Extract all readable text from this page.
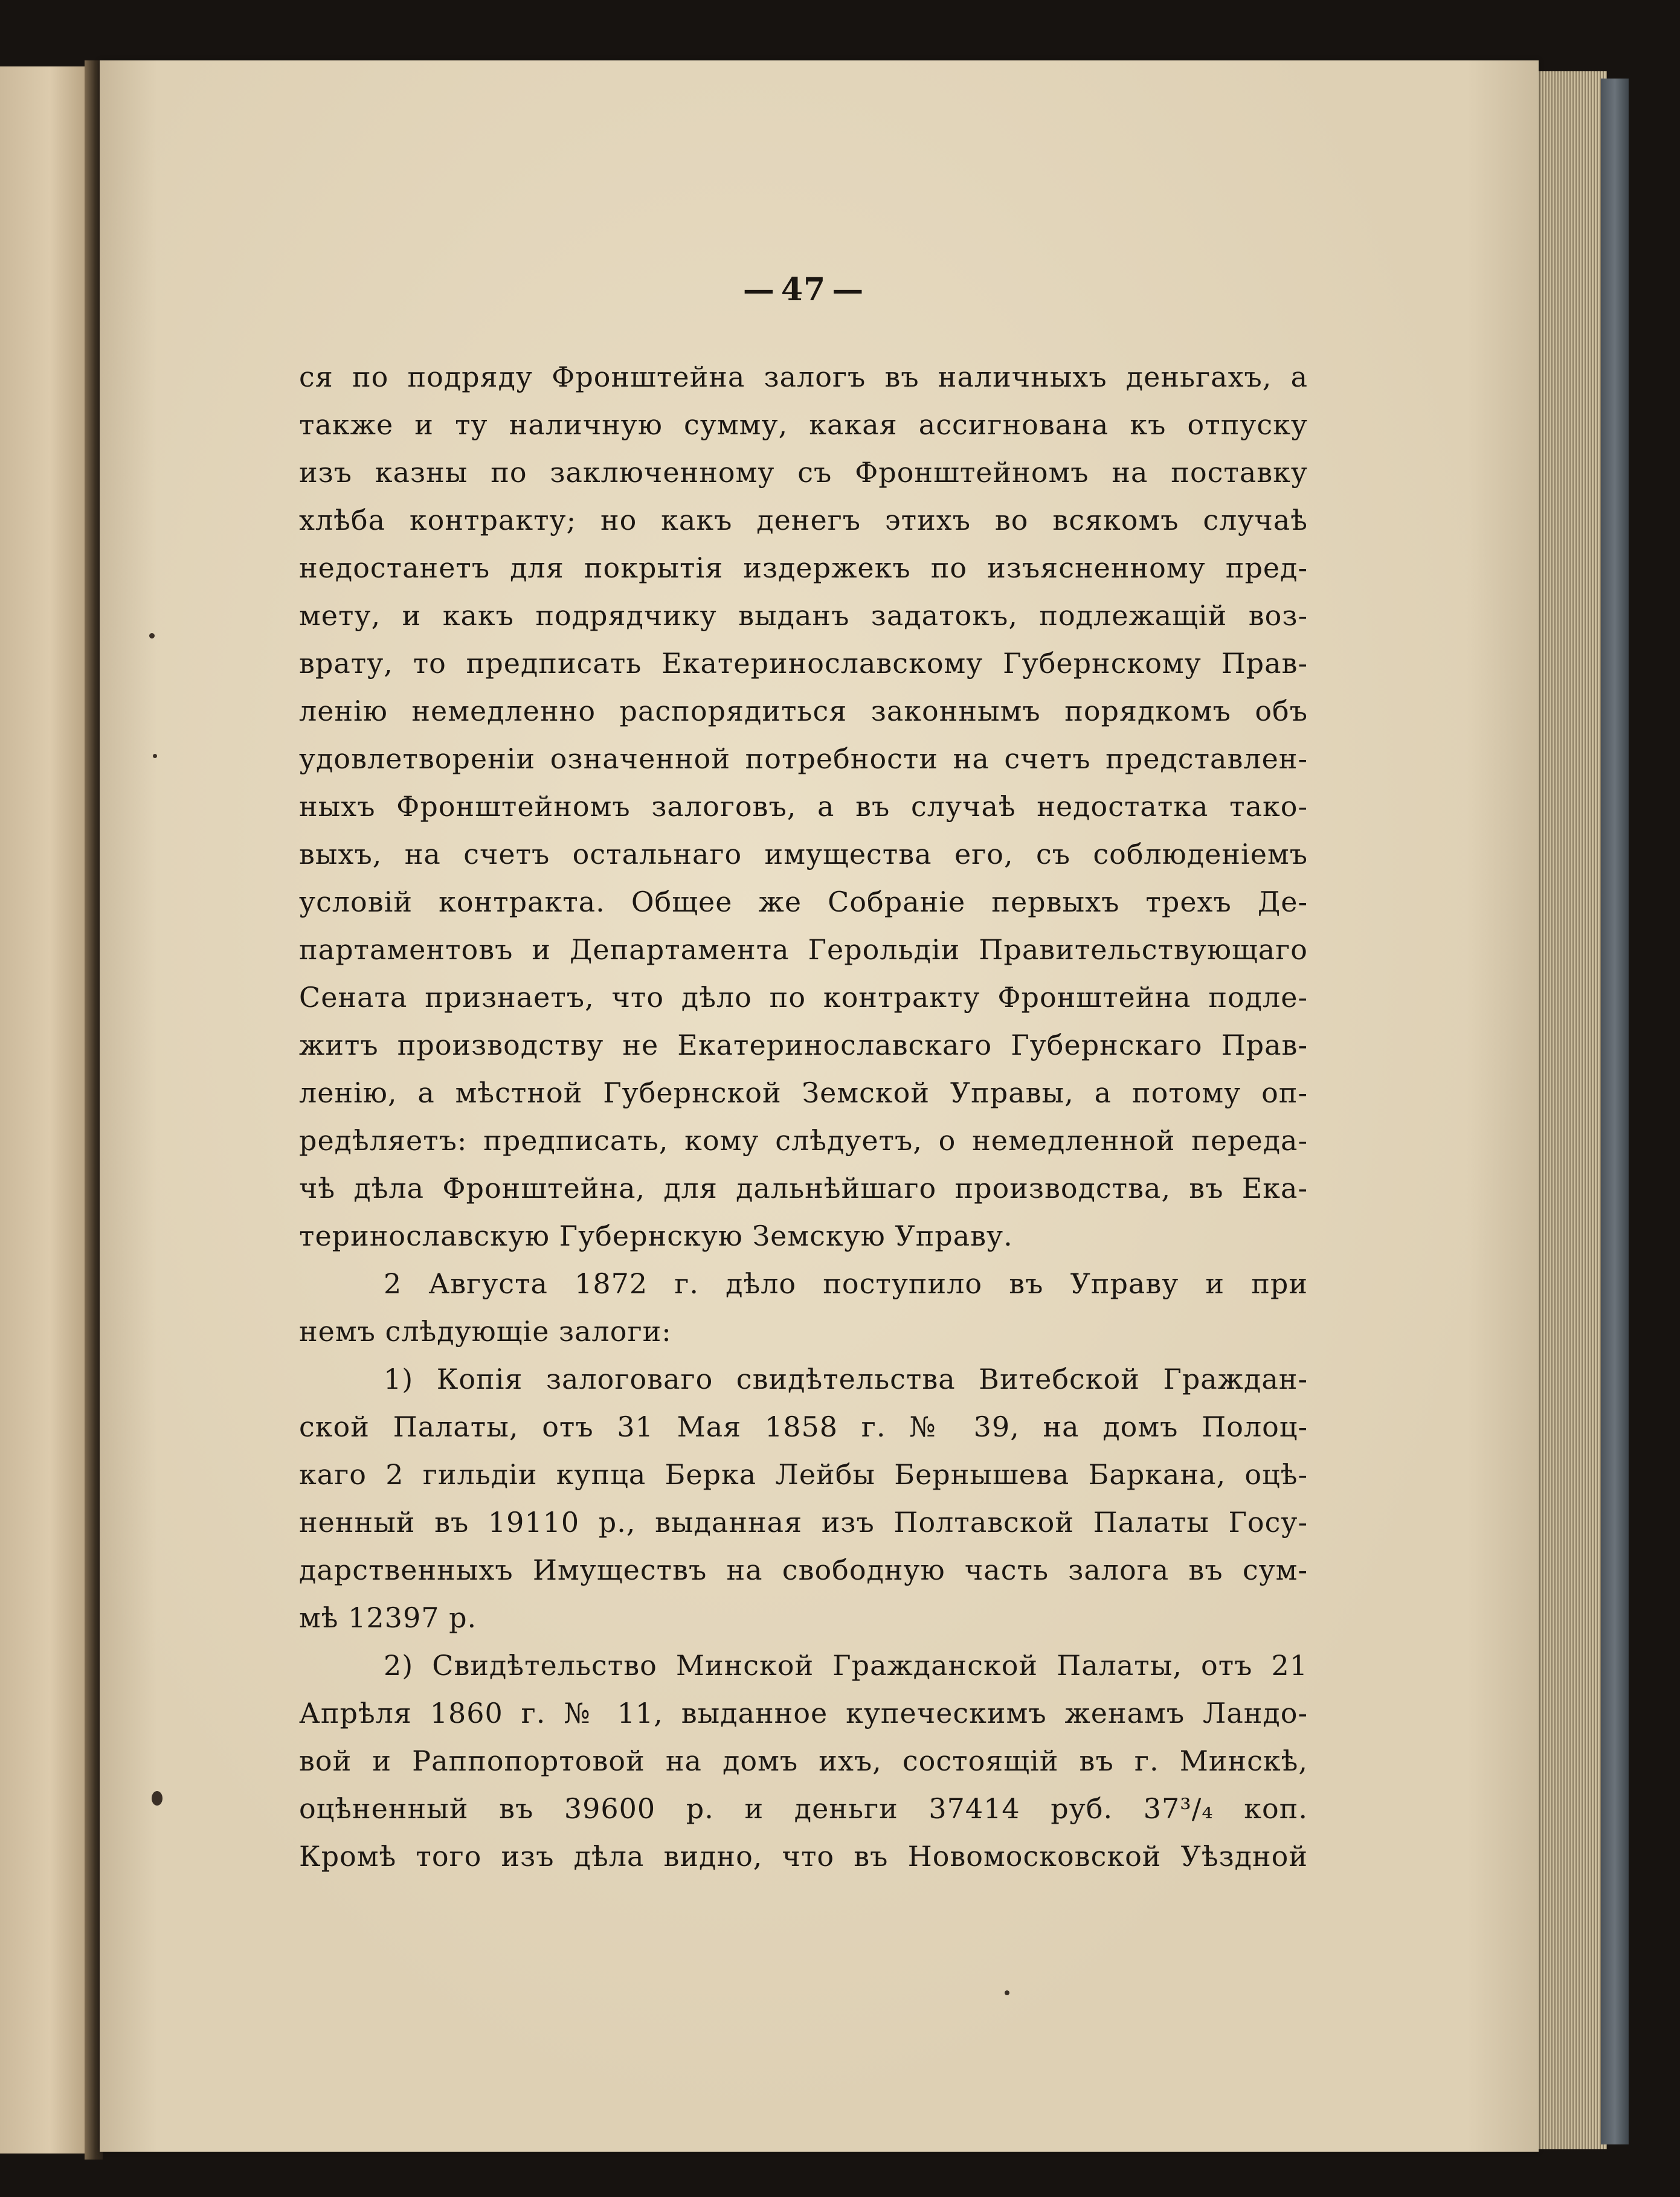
— 47 —
ся по подряду Фронштейна залогъ въ наличныхъ деньгахъ, а
также и ту наличную сумму, какая ассигнована къ отпуску
изъ казны по заключенному съ Фронштейномъ на поставку
хлѣба контракту; но какъ денегъ этихъ во всякомъ случаѣ
недостанетъ для покрытія издержекъ по изъясненному пред-
мету, и какъ подрядчику выданъ задатокъ, подлежащій воз-
врату, то предписать Екатеринославскому Губернскому Прав-
ленію немедленно распорядиться законнымъ порядкомъ объ
удовлетвореніи означенной потребности на счетъ представлен-
ныхъ Фронштейномъ залоговъ, а въ случаѣ недостатка тако-
выхъ, на счетъ остальнаго имущества его, съ соблюденіемъ
условій контракта. Общее же Собраніе первыхъ трехъ Де-
партаментовъ и Департамента Герольдіи Правительствующаго
Сената признаетъ, что дѣло по контракту Фронштейна подле-
житъ производству не Екатеринославскаго Губернскаго Прав-
ленію, а мѣстной Губернской Земской Управы, а потому оп-
редѣляетъ: предписать, кому слѣдуетъ, о немедленной переда-
чѣ дѣла Фронштейна, для дальнѣйшаго производства, въ Ека-
теринославскую Губернскую Земскую Управу.
2 Августа 1872 г. дѣло поступило въ Управу и при
немъ слѣдующіе залоги:
1) Копія залоговаго свидѣтельства Витебской Граждан-
ской Палаты, отъ 31 Мая 1858 г. № 39, на домъ Полоц-
каго 2 гильдіи купца Берка Лейбы Бернышева Баркана, оцѣ-
ненный въ 19110 р., выданная изъ Полтавской Палаты Госу-
дарственныхъ Имуществъ на свободную часть залога въ сум-
мѣ 12397 р.
2) Свидѣтельство Минской Гражданской Палаты, отъ 21
Апрѣля 1860 г. № 11, выданное купеческимъ женамъ Ландо-
вой и Раппопортовой на домъ ихъ, состоящій въ г. Минскѣ,
оцѣненный въ 39600 р. и деньги 37414 руб. 37³/₄ коп.
Кромѣ того изъ дѣла видно, что въ Новомосковской Уѣздной
